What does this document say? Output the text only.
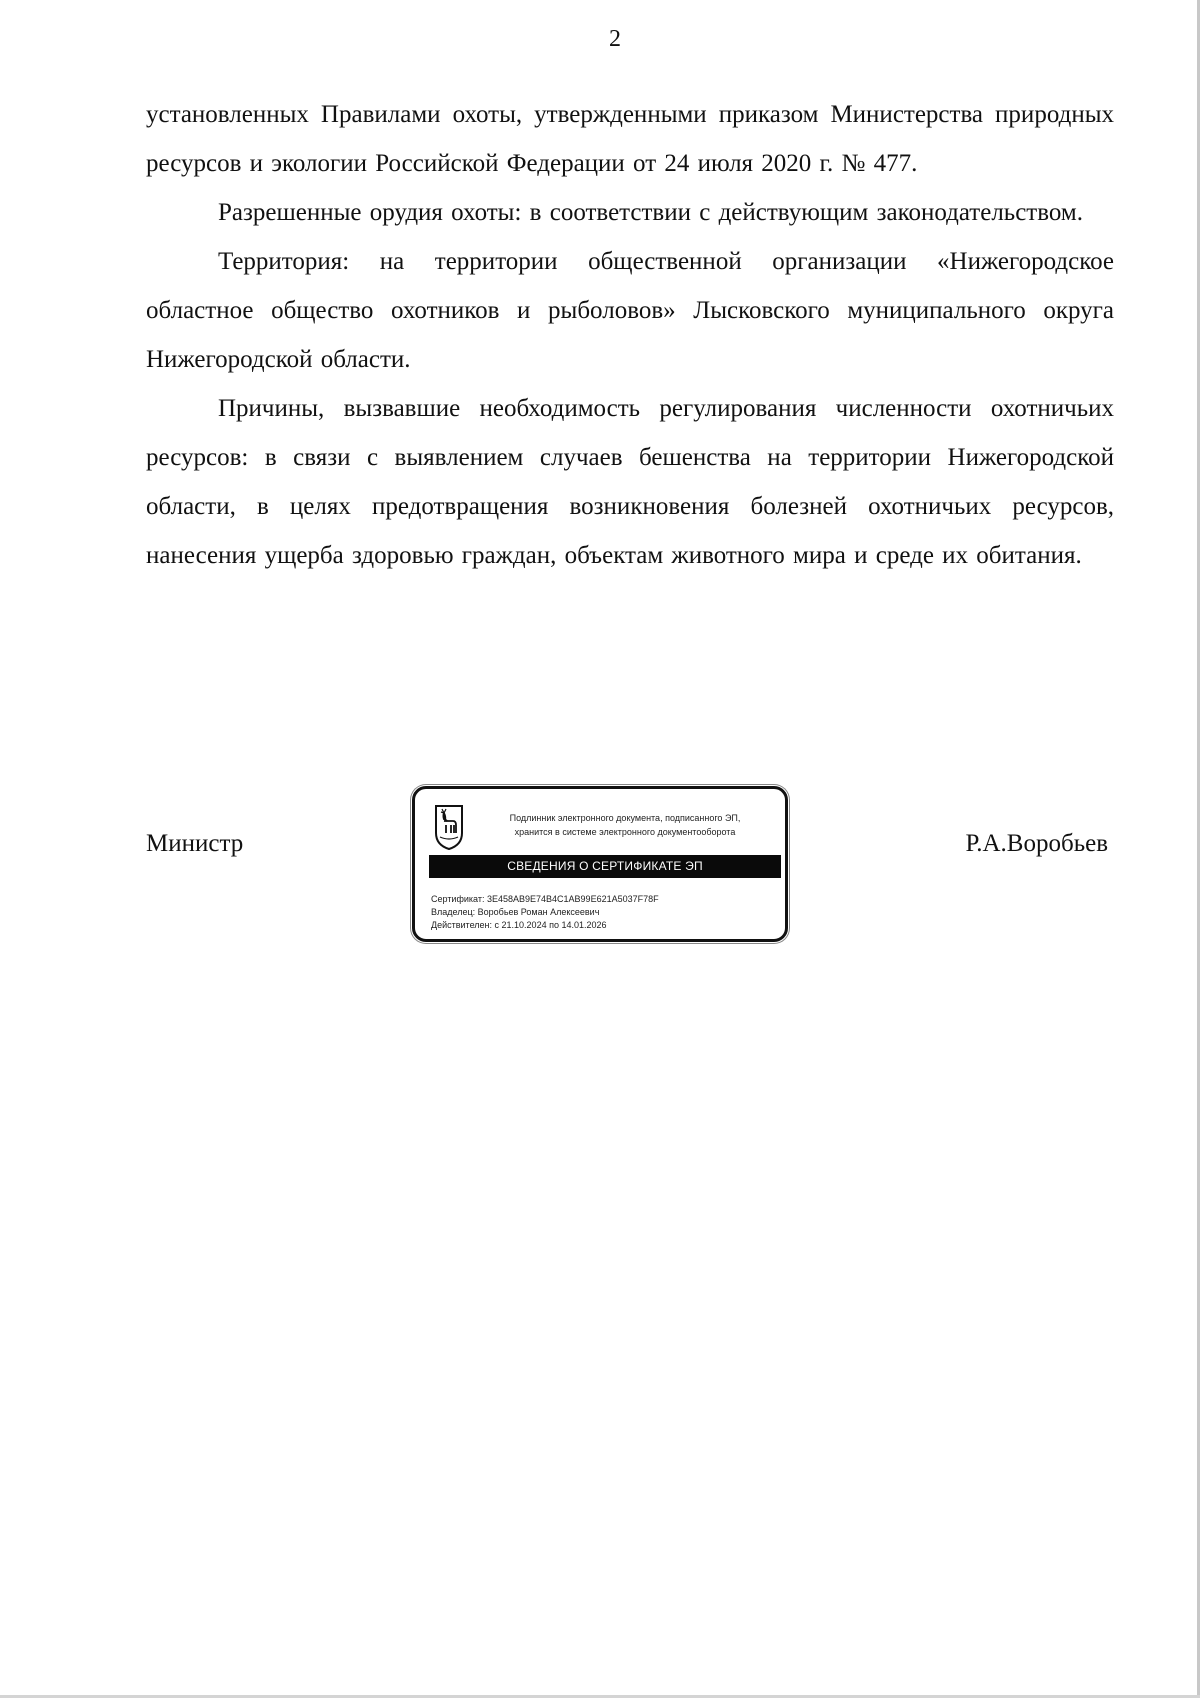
2

установленных Правилами охоты, утвержденными приказом Министерства природных ресурсов и экологии Российской Федерации от 24 июля 2020 г. № 477.

Разрешенные орудия охоты: в соответствии с действующим законодательством.

Территория: на территории общественной организации «Нижегородское областное общество охотников и рыболовов» Лысковского муниципального округа Нижегородской области.

Причины, вызвавшие необходимость регулирования численности охотничьих ресурсов: в связи с выявлением случаев бешенства на территории Нижегородской области, в целях предотвращения возникновения болезней охотничьих ресурсов, нанесения ущерба здоровью граждан, объектам животного мира и среде их обитания.

Министр
Подлинник электронного документа, подписанного ЭП,
хранится в системе электронного документооборота
СВЕДЕНИЯ О СЕРТИФИКАТЕ ЭП
Сертификат: 3E458AB9E74B4C1AB99E621A5037F78F
Владелец: Воробьев Роман Алексеевич
Действителен: с 21.10.2024 по 14.01.2026
Р.А.Воробьев
